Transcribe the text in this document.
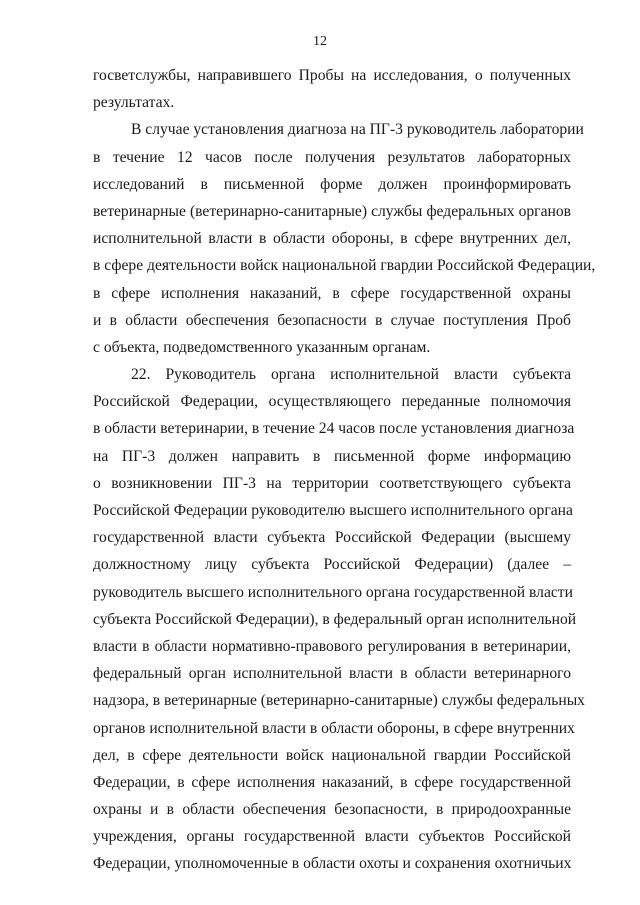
12
госветслужбы, направившего Пробы на исследования, о полученных
результатах.
В случае установления диагноза на ПГ-3 руководитель лаборатории
в течение 12 часов после получения результатов лабораторных
исследований в письменной форме должен проинформировать
ветеринарные (ветеринарно-санитарные) службы федеральных органов
исполнительной власти в области обороны, в сфере внутренних дел,
в сфере деятельности войск национальной гвардии Российской Федерации,
в сфере исполнения наказаний, в сфере государственной охраны
и в области обеспечения безопасности в случае поступления Проб
с объекта, подведомственного указанным органам.
22. Руководитель органа исполнительной власти субъекта
Российской Федерации, осуществляющего переданные полномочия
в области ветеринарии, в течение 24 часов после установления диагноза
на ПГ-3 должен направить в письменной форме информацию
о возникновении ПГ-3 на территории соответствующего субъекта
Российской Федерации руководителю высшего исполнительного органа
государственной власти субъекта Российской Федерации (высшему
должностному лицу субъекта Российской Федерации) (далее –
руководитель высшего исполнительного органа государственной власти
субъекта Российской Федерации), в федеральный орган исполнительной
власти в области нормативно-правового регулирования в ветеринарии,
федеральный орган исполнительной власти в области ветеринарного
надзора, в ветеринарные (ветеринарно-санитарные) службы федеральных
органов исполнительной власти в области обороны, в сфере внутренних
дел, в сфере деятельности войск национальной гвардии Российской
Федерации, в сфере исполнения наказаний, в сфере государственной
охраны и в области обеспечения безопасности, в природоохранные
учреждения, органы государственной власти субъектов Российской
Федерации, уполномоченные в области охоты и сохранения охотничьих
